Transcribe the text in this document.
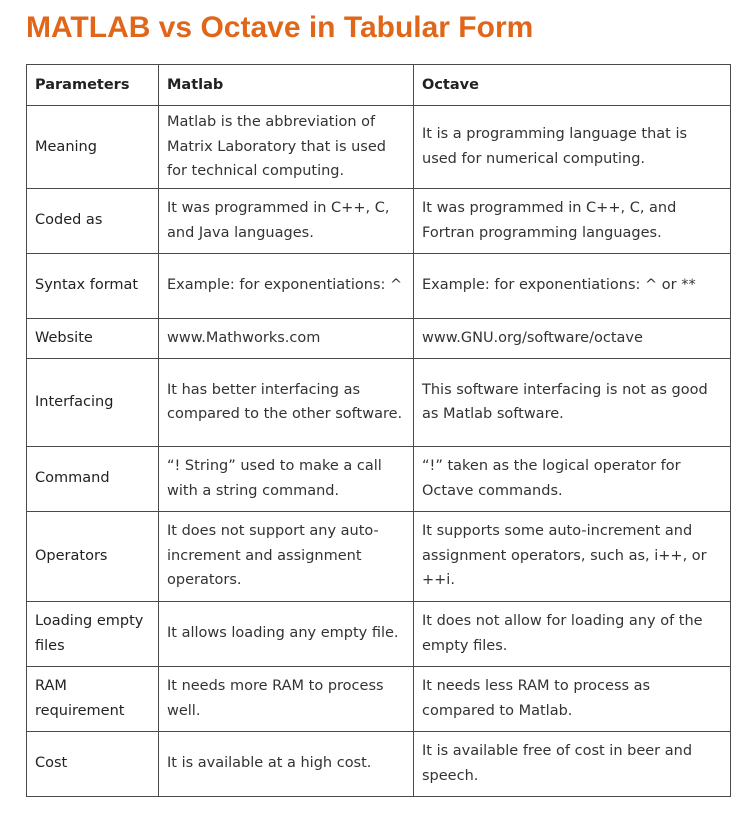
MATLAB vs Octave in Tabular Form
Parameters	Matlab	Octave
Meaning	Matlab is the abbreviation of Matrix Laboratory that is used for technical computing.	It is a programming language that is used for numerical computing.
Coded as	It was programmed in C++, C, and Java languages.	It was programmed in C++, C, and Fortran programming languages.
Syntax format	Example: for exponentiations: ^	Example: for exponentiations: ^ or **
Website	www.Mathworks.com	www.GNU.org/software/octave
Interfacing	It has better interfacing as compared to the other software.	This software interfacing is not as good as Matlab software.
Command	“! String” used to make a call with a string command.	“!” taken as the logical operator for Octave commands.
Operators	It does not support any auto-increment and assignment operators.	It supports some auto-increment and assignment operators, such as, i++, or ++i.
Loading empty files	It allows loading any empty file.	It does not allow for loading any of the empty files.
RAM requirement	It needs more RAM to process well.	It needs less RAM to process as compared to Matlab.
Cost	It is available at a high cost.	It is available free of cost in beer and speech.
